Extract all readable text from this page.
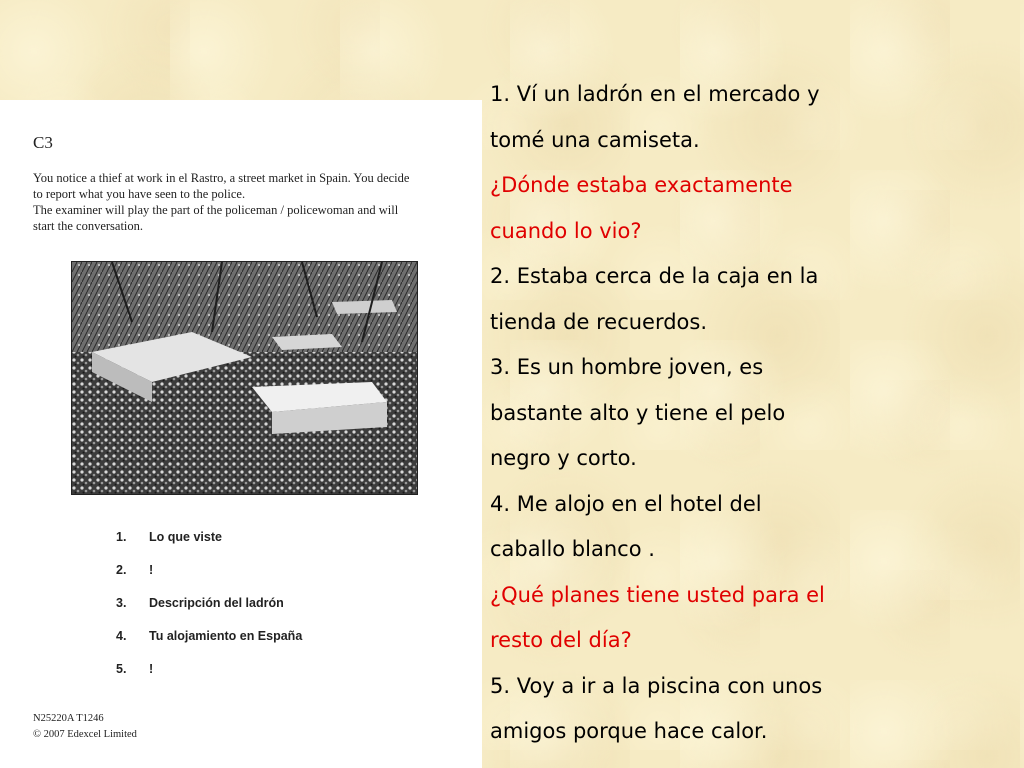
C3
You notice a thief at work in el Rastro, a street market in Spain. You decide
to report what you have seen to the police.
The examiner will play the part of the policeman / policewoman and will
start the conversation.
1.	Lo que viste
2.	!
3.	Descripción del ladrón
4.	Tu alojamiento en España
5.	!
N25220A T1246
© 2007 Edexcel Limited
1. Ví un ladrón en el mercado y
tomé una camiseta.
¿Dónde estaba exactamente
cuando lo vio?
2. Estaba cerca de la caja en la
tienda de recuerdos.
3. Es un hombre joven, es
bastante alto y tiene el pelo
negro y corto.
4. Me alojo en el hotel del
caballo blanco .
¿Qué planes tiene usted para el
resto del día?
5. Voy a ir a la piscina con unos
amigos porque hace calor.
